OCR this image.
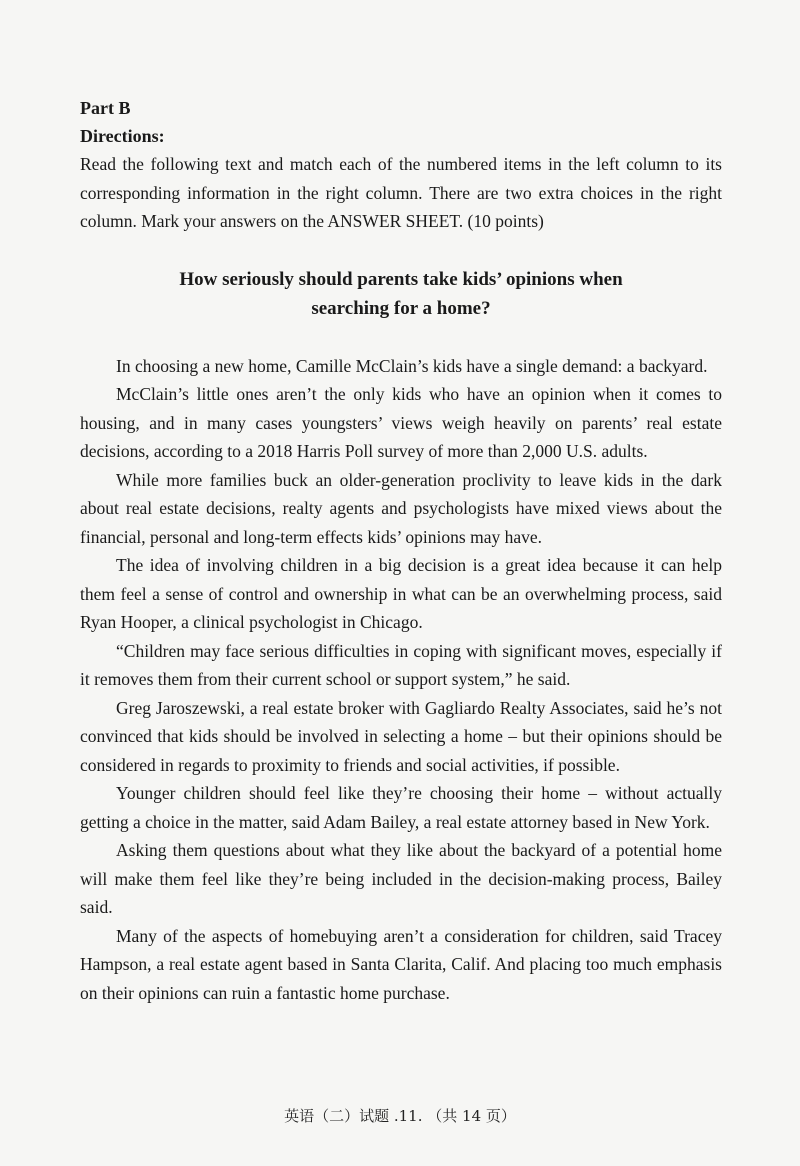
Part B

Directions:

Read the following text and match each of the numbered items in the left column to its corresponding information in the right column. There are two extra choices in the right column. Mark your answers on the ANSWER SHEET. (10 points)

How seriously should parents take kids’ opinions when searching for a home?

In choosing a new home, Camille McClain’s kids have a single demand: a backyard.

McClain’s little ones aren’t the only kids who have an opinion when it comes to housing, and in many cases youngsters’ views weigh heavily on parents’ real estate decisions, according to a 2018 Harris Poll survey of more than 2,000 U.S. adults.

While more families buck an older-generation proclivity to leave kids in the dark about real estate decisions, realty agents and psychologists have mixed views about the financial, personal and long-term effects kids’ opinions may have.

The idea of involving children in a big decision is a great idea because it can help them feel a sense of control and ownership in what can be an overwhelming process, said Ryan Hooper, a clinical psychologist in Chicago.

“Children may face serious difficulties in coping with significant moves, especially if it removes them from their current school or support system,” he said.

Greg Jaroszewski, a real estate broker with Gagliardo Realty Associates, said he’s not convinced that kids should be involved in selecting a home – but their opinions should be considered in regards to proximity to friends and social activities, if possible.

Younger children should feel like they’re choosing their home – without actually getting a choice in the matter, said Adam Bailey, a real estate attorney based in New York.

Asking them questions about what they like about the backyard of a potential home will make them feel like they’re being included in the decision-making process, Bailey said.

Many of the aspects of homebuying aren’t a consideration for children, said Tracey Hampson, a real estate agent based in Santa Clarita, Calif. And placing too much emphasis on their opinions can ruin a fantastic home purchase.

英语（二）试题 .11. （共 14 页）
